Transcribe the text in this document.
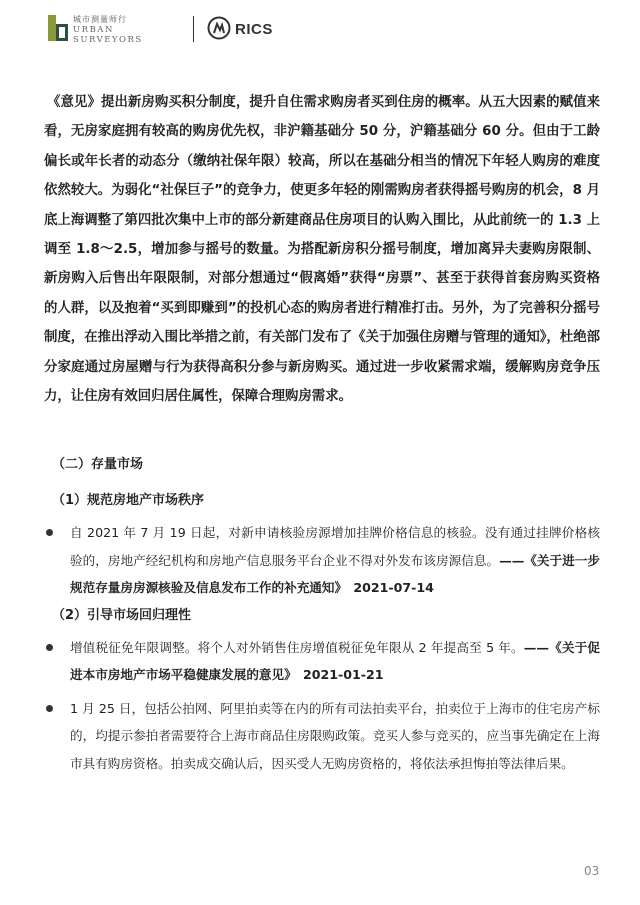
城市测量师行
URBAN
SURVEYORS
RICS

《意见》提出新房购买积分制度，提升自住需求购房者买到住房的概率。从五大因素的赋值来看，无房家庭拥有较高的购房优先权，非沪籍基础分 50 分，沪籍基础分 60 分。但由于工龄偏长或年长者的动态分（缴纳社保年限）较高，所以在基础分相当的情况下年轻人购房的难度依然较大。为弱化“社保巨子”的竞争力，使更多年轻的刚需购房者获得摇号购房的机会，8 月底上海调整了第四批次集中上市的部分新建商品住房项目的认购入围比，从此前统一的 1.3 上调至 1.8～2.5，增加参与摇号的数量。为搭配新房积分摇号制度，增加离异夫妻购房限制、新房购入后售出年限限制，对部分想通过“假离婚”获得“房票”、甚至于获得首套房购买资格的人群，以及抱着“买到即赚到”的投机心态的购房者进行精准打击。另外，为了完善积分摇号制度，在推出浮动入围比举措之前，有关部门发布了《关于加强住房赠与管理的通知》，杜绝部分家庭通过房屋赠与行为获得高积分参与新房购买。通过进一步收紧需求端，缓解购房竞争压力，让住房有效回归居住属性，保障合理购房需求。

（二）存量市场

（1）规范房地产市场秩序

自 2021 年 7 月 19 日起，对新申请核验房源增加挂牌价格信息的核验。没有通过挂牌价格核验的，房地产经纪机构和房地产信息服务平台企业不得对外发布该房源信息。——《关于进一步规范存量房房源核验及信息发布工作的补充通知》　2021-07-14

（2）引导市场回归理性

增值税征免年限调整。将个人对外销售住房增值税征免年限从 2 年提高至 5 年。——《关于促进本市房地产市场平稳健康发展的意见》　2021-01-21

1 月 25 日，包括公拍网、阿里拍卖等在内的所有司法拍卖平台，拍卖位于上海市的住宅房产标的，均提示参拍者需要符合上海市商品住房限购政策。竞买人参与竞买的，应当事先确定在上海市具有购房资格。拍卖成交确认后，因买受人无购房资格的，将依法承担悔拍等法律后果。

03
